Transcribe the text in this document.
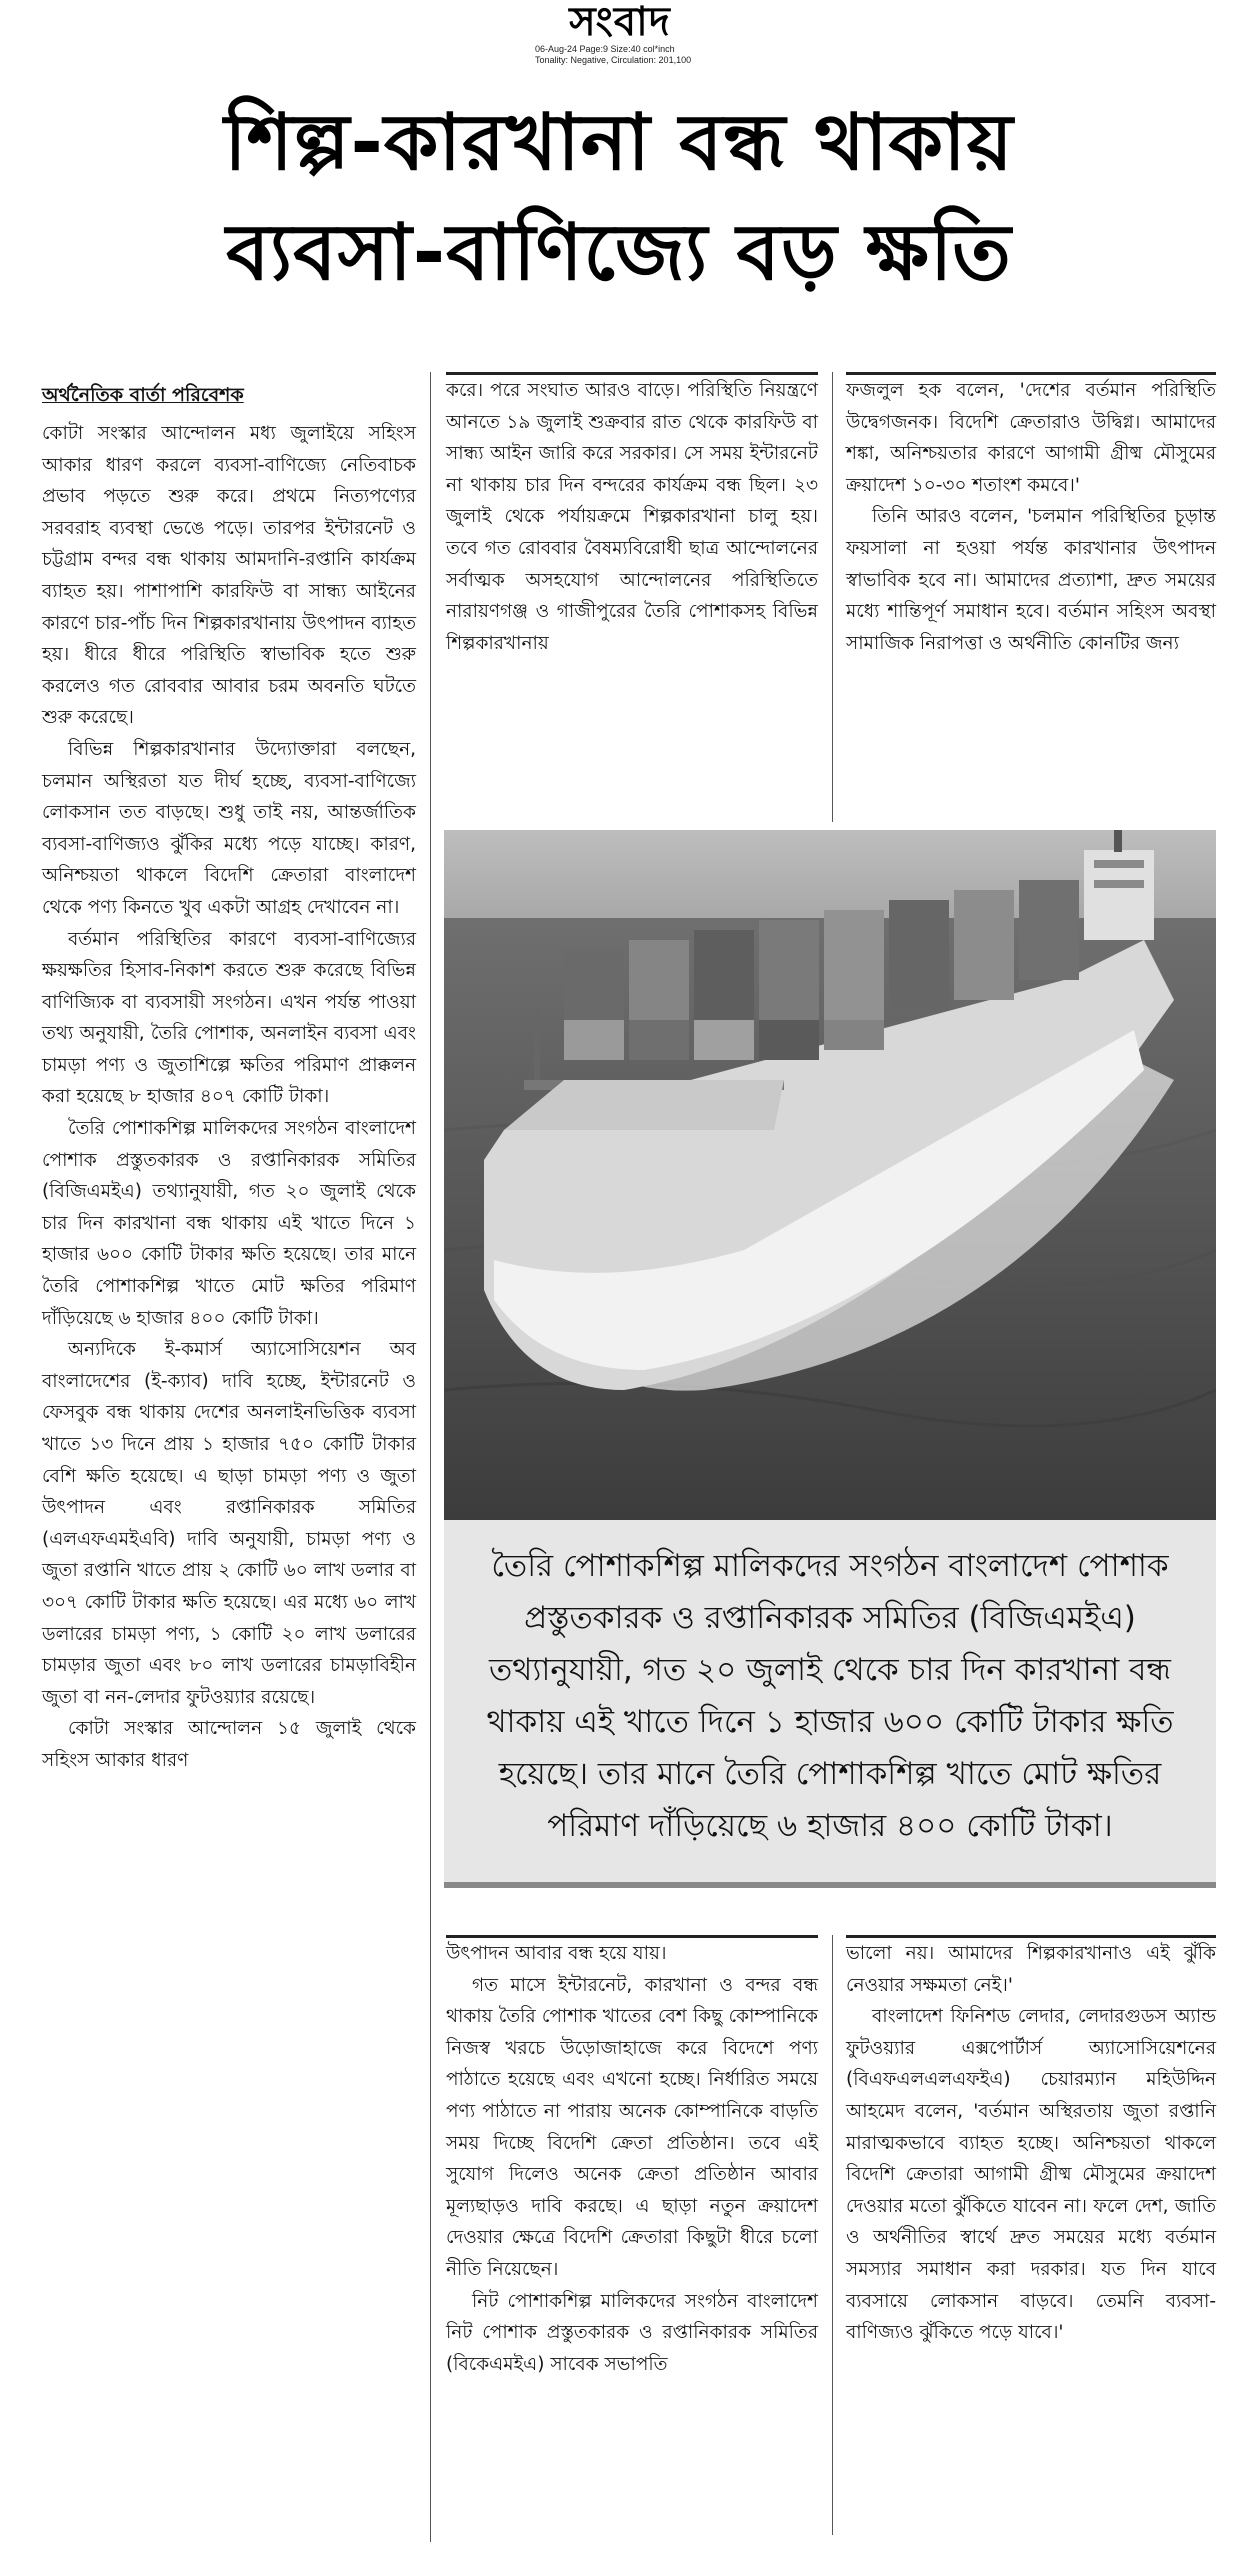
সংবাদ
06-Aug-24 Page:9 Size:40 col*inch
Tonality: Negative, Circulation: 201,100
শিল্প-কারখানা বন্ধ থাকায়
ব্যবসা-বাণিজ্যে বড় ক্ষতি
অর্থনৈতিক বার্তা পরিবেশক

কোটা সংস্কার আন্দোলন মধ্য জুলাইয়ে সহিংস আকার ধারণ করলে ব্যবসা-বাণিজ্যে নেতিবাচক প্রভাব পড়তে শুরু করে। প্রথমে নিত্যপণ্যের সরবরাহ ব্যবস্থা ভেঙে পড়ে। তারপর ইন্টারনেট ও চট্টগ্রাম বন্দর বন্ধ থাকায় আমদানি-রপ্তানি কার্যক্রম ব্যাহত হয়। পাশাপাশি কারফিউ বা সান্ধ্য আইনের কারণে চার-পাঁচ দিন শিল্পকারখানায় উৎপাদন ব্যাহত হয়। ধীরে ধীরে পরিস্থিতি স্বাভাবিক হতে শুরু করলেও গত রোববার আবার চরম অবনতি ঘটতে শুরু করেছে।

বিভিন্ন শিল্পকারখানার উদ্যোক্তারা বলছেন, চলমান অস্থিরতা যত দীর্ঘ হচ্ছে, ব্যবসা-বাণিজ্যে লোকসান তত বাড়ছে। শুধু তাই নয়, আন্তর্জাতিক ব্যবসা-বাণিজ্যও ঝুঁকির মধ্যে পড়ে যাচ্ছে। কারণ, অনিশ্চয়তা থাকলে বিদেশি ক্রেতারা বাংলাদেশ থেকে পণ্য কিনতে খুব একটা আগ্রহ দেখাবেন না।

বর্তমান পরিস্থিতির কারণে ব্যবসা-বাণিজ্যের ক্ষয়ক্ষতির হিসাব-নিকাশ করতে শুরু করেছে বিভিন্ন বাণিজ্যিক বা ব্যবসায়ী সংগঠন। এখন পর্যন্ত পাওয়া তথ্য অনুযায়ী, তৈরি পোশাক, অনলাইন ব্যবসা এবং চামড়া পণ্য ও জুতাশিল্পে ক্ষতির পরিমাণ প্রাক্কলন করা হয়েছে ৮ হাজার ৪০৭ কোটি টাকা।

তৈরি পোশাকশিল্প মালিকদের সংগঠন বাংলাদেশ পোশাক প্রস্তুতকারক ও রপ্তানিকারক সমিতির (বিজিএমইএ) তথ্যানুযায়ী, গত ২০ জুলাই থেকে চার দিন কারখানা বন্ধ থাকায় এই খাতে দিনে ১ হাজার ৬০০ কোটি টাকার ক্ষতি হয়েছে। তার মানে তৈরি পোশাকশিল্প খাতে মোট ক্ষতির পরিমাণ দাঁড়িয়েছে ৬ হাজার ৪০০ কোটি টাকা।

অন্যদিকে ই-কমার্স অ্যাসোসিয়েশন অব বাংলাদেশের (ই-ক্যাব) দাবি হচ্ছে, ইন্টারনেট ও ফেসবুক বন্ধ থাকায় দেশের অনলাইনভিত্তিক ব্যবসা খাতে ১৩ দিনে প্রায় ১ হাজার ৭৫০ কোটি টাকার বেশি ক্ষতি হয়েছে। এ ছাড়া চামড়া পণ্য ও জুতা উৎপাদন এবং রপ্তানিকারক সমিতির (এলএফএমইএবি) দাবি অনুযায়ী, চামড়া পণ্য ও জুতা রপ্তানি খাতে প্রায় ২ কোটি ৬০ লাখ ডলার বা ৩০৭ কোটি টাকার ক্ষতি হয়েছে। এর মধ্যে ৬০ লাখ ডলারের চামড়া পণ্য, ১ কোটি ২০ লাখ ডলারের চামড়ার জুতা এবং ৮০ লাখ ডলারের চামড়াবিহীন জুতা বা নন-লেদার ফুটওয়্যার রয়েছে।

কোটা সংস্কার আন্দোলন ১৫ জুলাই থেকে সহিংস আকার ধারণ

করে। পরে সংঘাত আরও বাড়ে। পরিস্থিতি নিয়ন্ত্রণে আনতে ১৯ জুলাই শুক্রবার রাত থেকে কারফিউ বা সান্ধ্য আইন জারি করে সরকার। সে সময় ইন্টারনেট না থাকায় চার দিন বন্দরের কার্যক্রম বন্ধ ছিল। ২৩ জুলাই থেকে পর্যায়ক্রমে শিল্পকারখানা চালু হয়। তবে গত রোববার বৈষম্যবিরোধী ছাত্র আন্দোলনের সর্বাত্মক অসহযোগ আন্দোলনের পরিস্থিতিতে নারায়ণগঞ্জ ও গাজীপুরের তৈরি পোশাকসহ বিভিন্ন শিল্পকারখানায়

ফজলুল হক বলেন, 'দেশের বর্তমান পরিস্থিতি উদ্বেগজনক। বিদেশি ক্রেতারাও উদ্বিগ্ন। আমাদের শঙ্কা, অনিশ্চয়তার কারণে আগামী গ্রীষ্ম মৌসুমের ক্রয়াদেশ ১০-৩০ শতাংশ কমবে।'

তিনি আরও বলেন, 'চলমান পরিস্থিতির চূড়ান্ত ফয়সালা না হওয়া পর্যন্ত কারখানার উৎপাদন স্বাভাবিক হবে না। আমাদের প্রত্যাশা, দ্রুত সময়ের মধ্যে শান্তিপূর্ণ সমাধান হবে। বর্তমান সহিংস অবস্থা সামাজিক নিরাপত্তা ও অর্থনীতি কোনটির জন্য

তৈরি পোশাকশিল্প মালিকদের সংগঠন বাংলাদেশ পোশাক প্রস্তুতকারক ও রপ্তানিকারক সমিতির (বিজিএমইএ) তথ্যানুযায়ী, গত ২০ জুলাই থেকে চার দিন কারখানা বন্ধ থাকায় এই খাতে দিনে ১ হাজার ৬০০ কোটি টাকার ক্ষতি হয়েছে। তার মানে তৈরি পোশাকশিল্প খাতে মোট ক্ষতির পরিমাণ দাঁড়িয়েছে ৬ হাজার ৪০০ কোটি টাকা।

উৎপাদন আবার বন্ধ হয়ে যায়।

গত মাসে ইন্টারনেট, কারখানা ও বন্দর বন্ধ থাকায় তৈরি পোশাক খাতের বেশ কিছু কোম্পানিকে নিজস্ব খরচে উড়োজাহাজে করে বিদেশে পণ্য পাঠাতে হয়েছে এবং এখনো হচ্ছে। নির্ধারিত সময়ে পণ্য পাঠাতে না পারায় অনেক কোম্পানিকে বাড়তি সময় দিচ্ছে বিদেশি ক্রেতা প্রতিষ্ঠান। তবে এই সুযোগ দিলেও অনেক ক্রেতা প্রতিষ্ঠান আবার মূল্যছাড়ও দাবি করছে। এ ছাড়া নতুন ক্রয়াদেশ দেওয়ার ক্ষেত্রে বিদেশি ক্রেতারা কিছুটা ধীরে চলো নীতি নিয়েছেন।

নিট পোশাকশিল্প মালিকদের সংগঠন বাংলাদেশ নিট পোশাক প্রস্তুতকারক ও রপ্তানিকারক সমিতির (বিকেএমইএ) সাবেক সভাপতি

ভালো নয়। আমাদের শিল্পকারখানাও এই ঝুঁকি নেওয়ার সক্ষমতা নেই।'

বাংলাদেশ ফিনিশড লেদার, লেদারগুডস অ্যান্ড ফুটওয়্যার এক্সপোর্টার্স অ্যাসোসিয়েশনের (বিএফএলএলএফইএ) চেয়ারম্যান মহিউদ্দিন আহমেদ বলেন, 'বর্তমান অস্থিরতায় জুতা রপ্তানি মারাত্মকভাবে ব্যাহত হচ্ছে। অনিশ্চয়তা থাকলে বিদেশি ক্রেতারা আগামী গ্রীষ্ম মৌসুমের ক্রয়াদেশ দেওয়ার মতো ঝুঁকিতে যাবেন না। ফলে দেশ, জাতি ও অর্থনীতির স্বার্থে দ্রুত সময়ের মধ্যে বর্তমান সমস্যার সমাধান করা দরকার। যত দিন যাবে ব্যবসায়ে লোকসান বাড়বে। তেমনি ব্যবসা-বাণিজ্যও ঝুঁকিতে পড়ে যাবে।'
